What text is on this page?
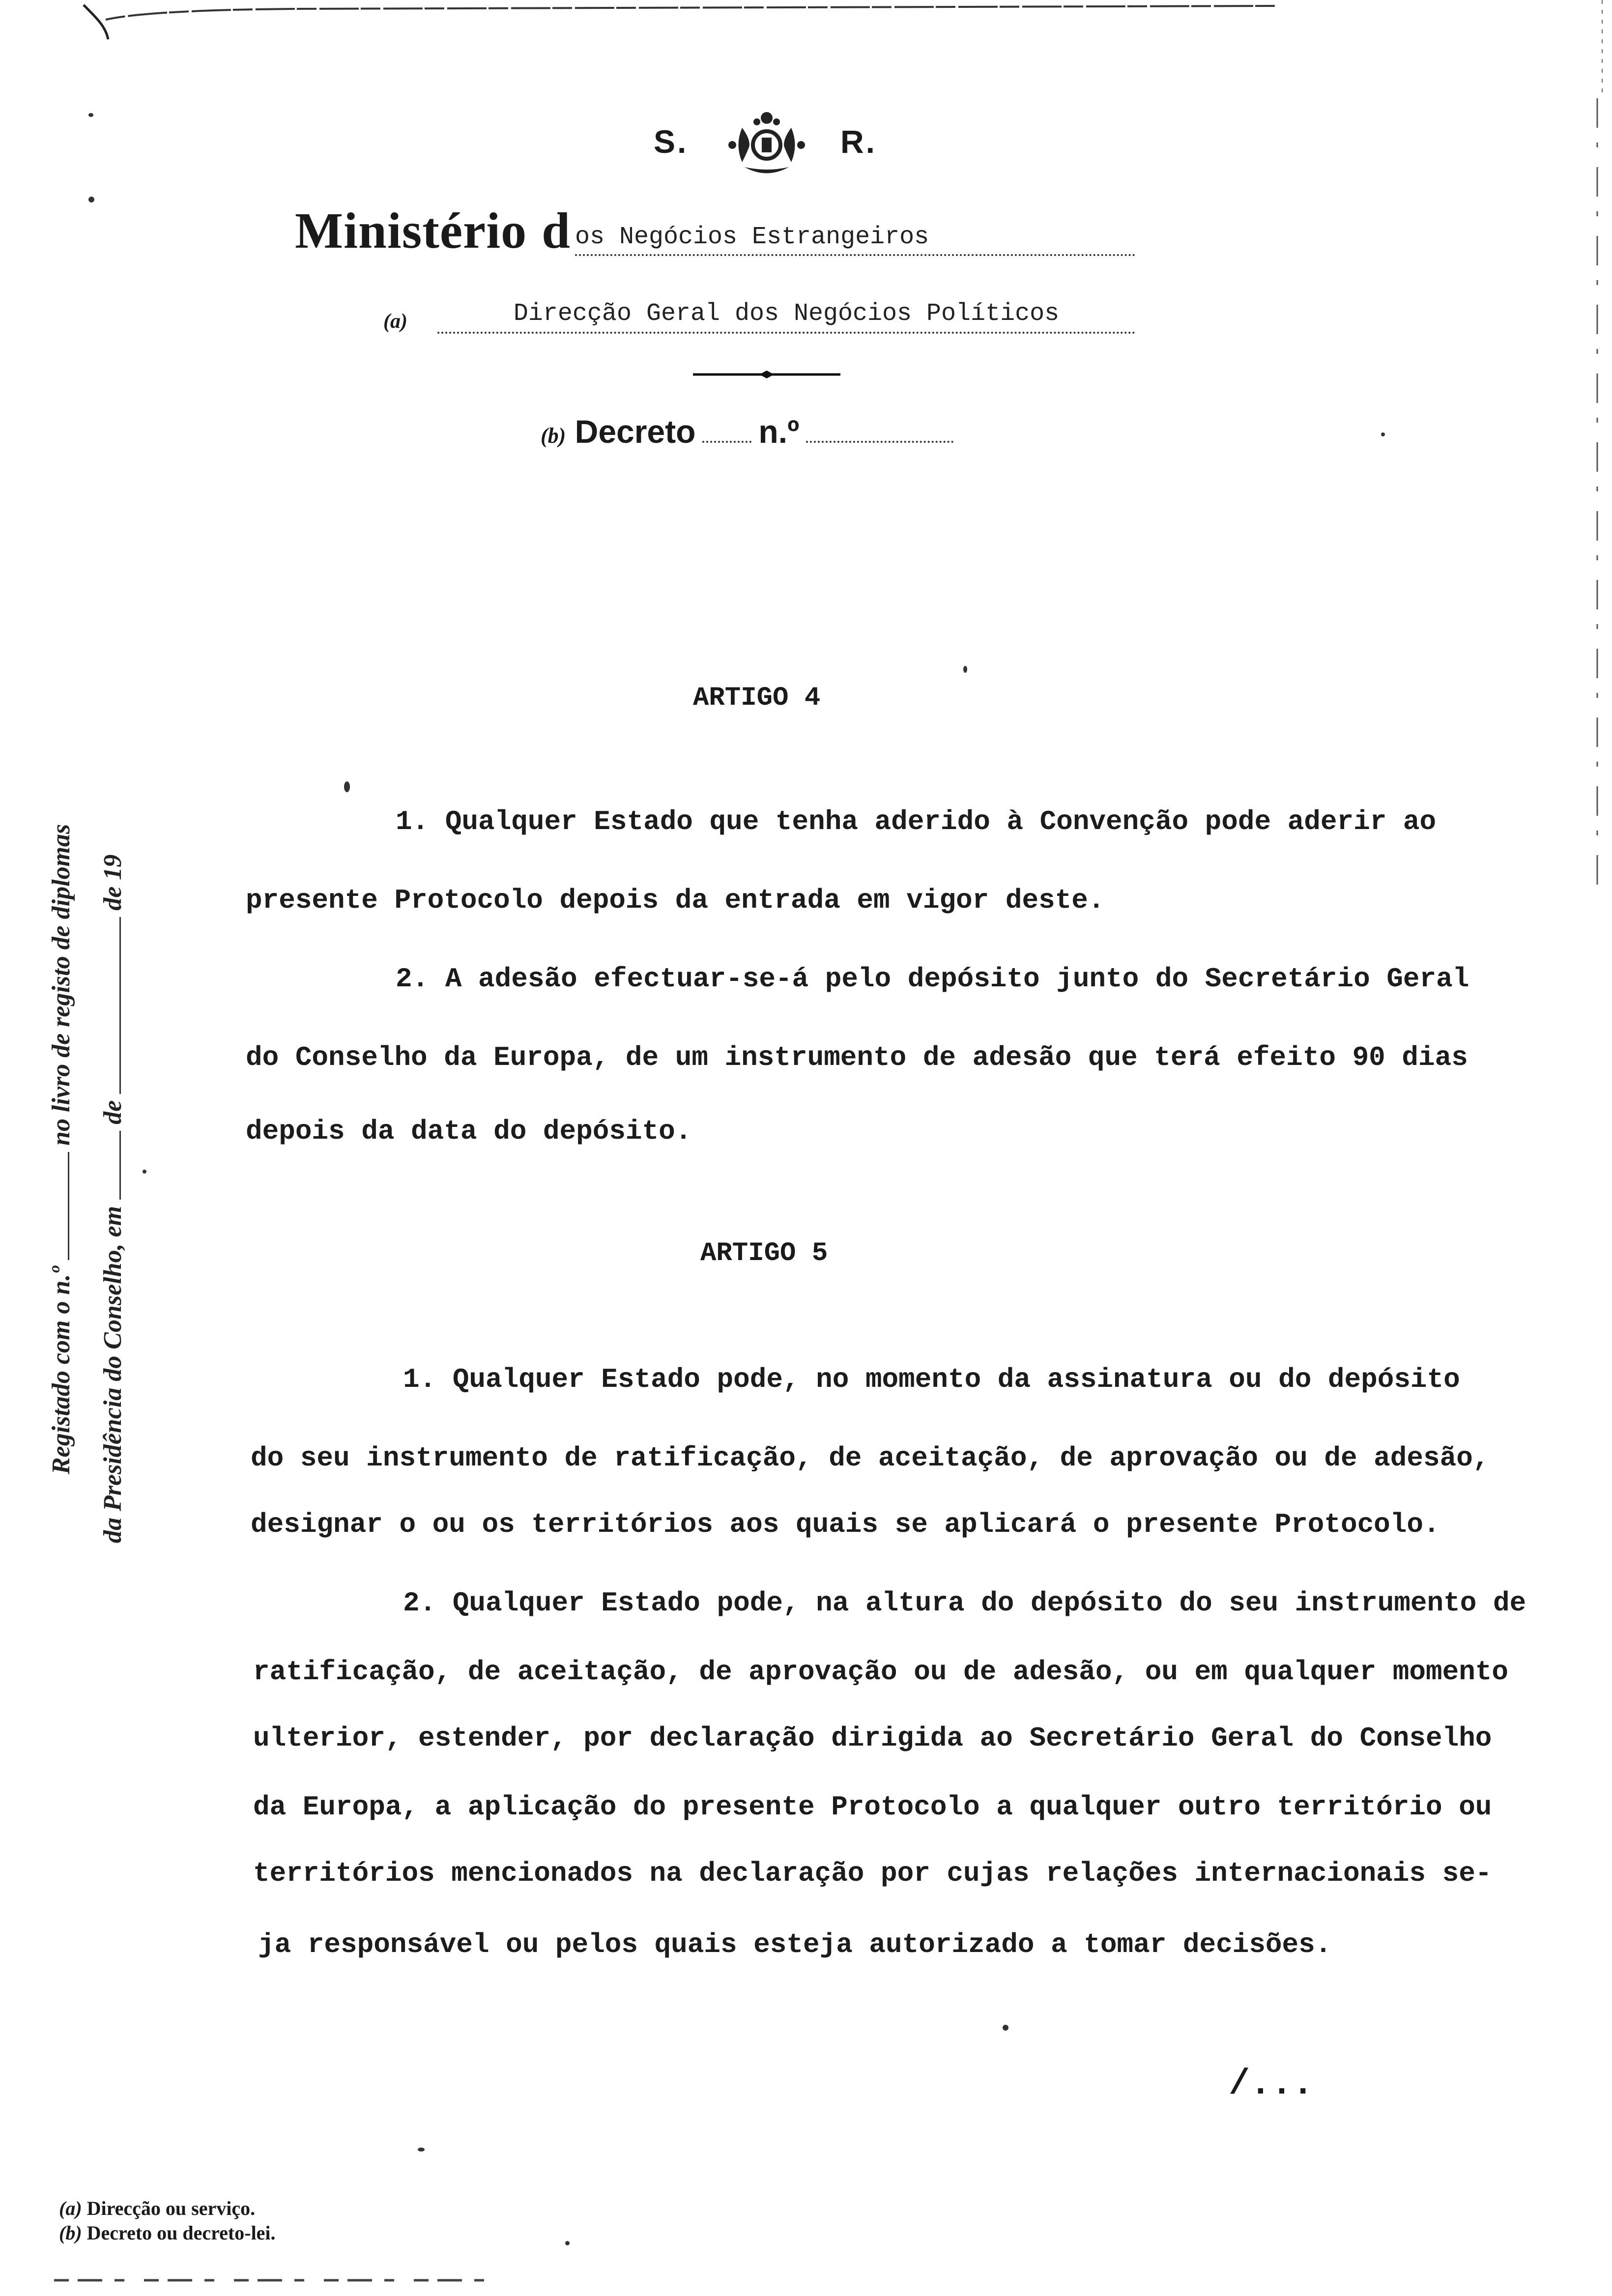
S.	R.
Ministério d os Negócios Estrangeiros
(a)	Direcção Geral dos Negócios Políticos
(b) Decreto n.º
Registado com o n.º  no livro de registo de diplomas
da Presidência do Conselho, em  de  de 19
ARTIGO 4
1. Qualquer Estado que tenha aderido à Convenção pode aderir ao
presente Protocolo depois da entrada em vigor deste.
2. A adesão efectuar-se-á pelo depósito junto do Secretário Geral
do Conselho da Europa, de um instrumento de adesão que terá efeito 90 dias
depois da data do depósito.
ARTIGO 5
1. Qualquer Estado pode, no momento da assinatura ou do depósito
do seu instrumento de ratificação, de aceitação, de aprovação ou de adesão,
designar o ou os territórios aos quais se aplicará o presente Protocolo.
2. Qualquer Estado pode, na altura do depósito do seu instrumento de
ratificação, de aceitação, de aprovação ou de adesão, ou em qualquer momento
ulterior, estender, por declaração dirigida ao Secretário Geral do Conselho
da Europa, a aplicação do presente Protocolo a qualquer outro território ou
territórios mencionados na declaração por cujas relações internacionais se-
ja responsável ou pelos quais esteja autorizado a tomar decisões.
/...
(a) Direcção ou serviço.
(b) Decreto ou decreto-lei.
